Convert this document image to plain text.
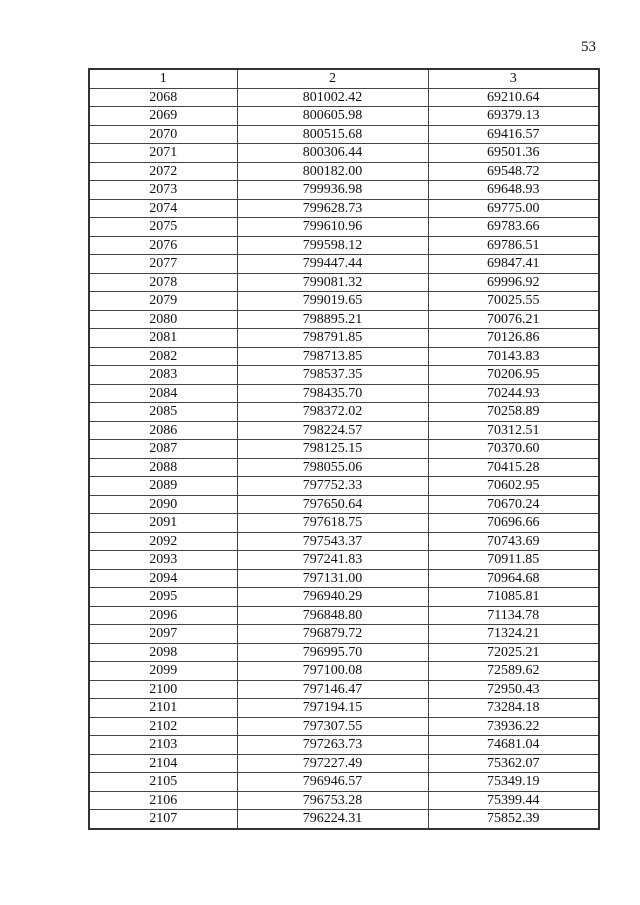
53
1	2	3
2068	801002.42	69210.64
2069	800605.98	69379.13
2070	800515.68	69416.57
2071	800306.44	69501.36
2072	800182.00	69548.72
2073	799936.98	69648.93
2074	799628.73	69775.00
2075	799610.96	69783.66
2076	799598.12	69786.51
2077	799447.44	69847.41
2078	799081.32	69996.92
2079	799019.65	70025.55
2080	798895.21	70076.21
2081	798791.85	70126.86
2082	798713.85	70143.83
2083	798537.35	70206.95
2084	798435.70	70244.93
2085	798372.02	70258.89
2086	798224.57	70312.51
2087	798125.15	70370.60
2088	798055.06	70415.28
2089	797752.33	70602.95
2090	797650.64	70670.24
2091	797618.75	70696.66
2092	797543.37	70743.69
2093	797241.83	70911.85
2094	797131.00	70964.68
2095	796940.29	71085.81
2096	796848.80	71134.78
2097	796879.72	71324.21
2098	796995.70	72025.21
2099	797100.08	72589.62
2100	797146.47	72950.43
2101	797194.15	73284.18
2102	797307.55	73936.22
2103	797263.73	74681.04
2104	797227.49	75362.07
2105	796946.57	75349.19
2106	796753.28	75399.44
2107	796224.31	75852.39
